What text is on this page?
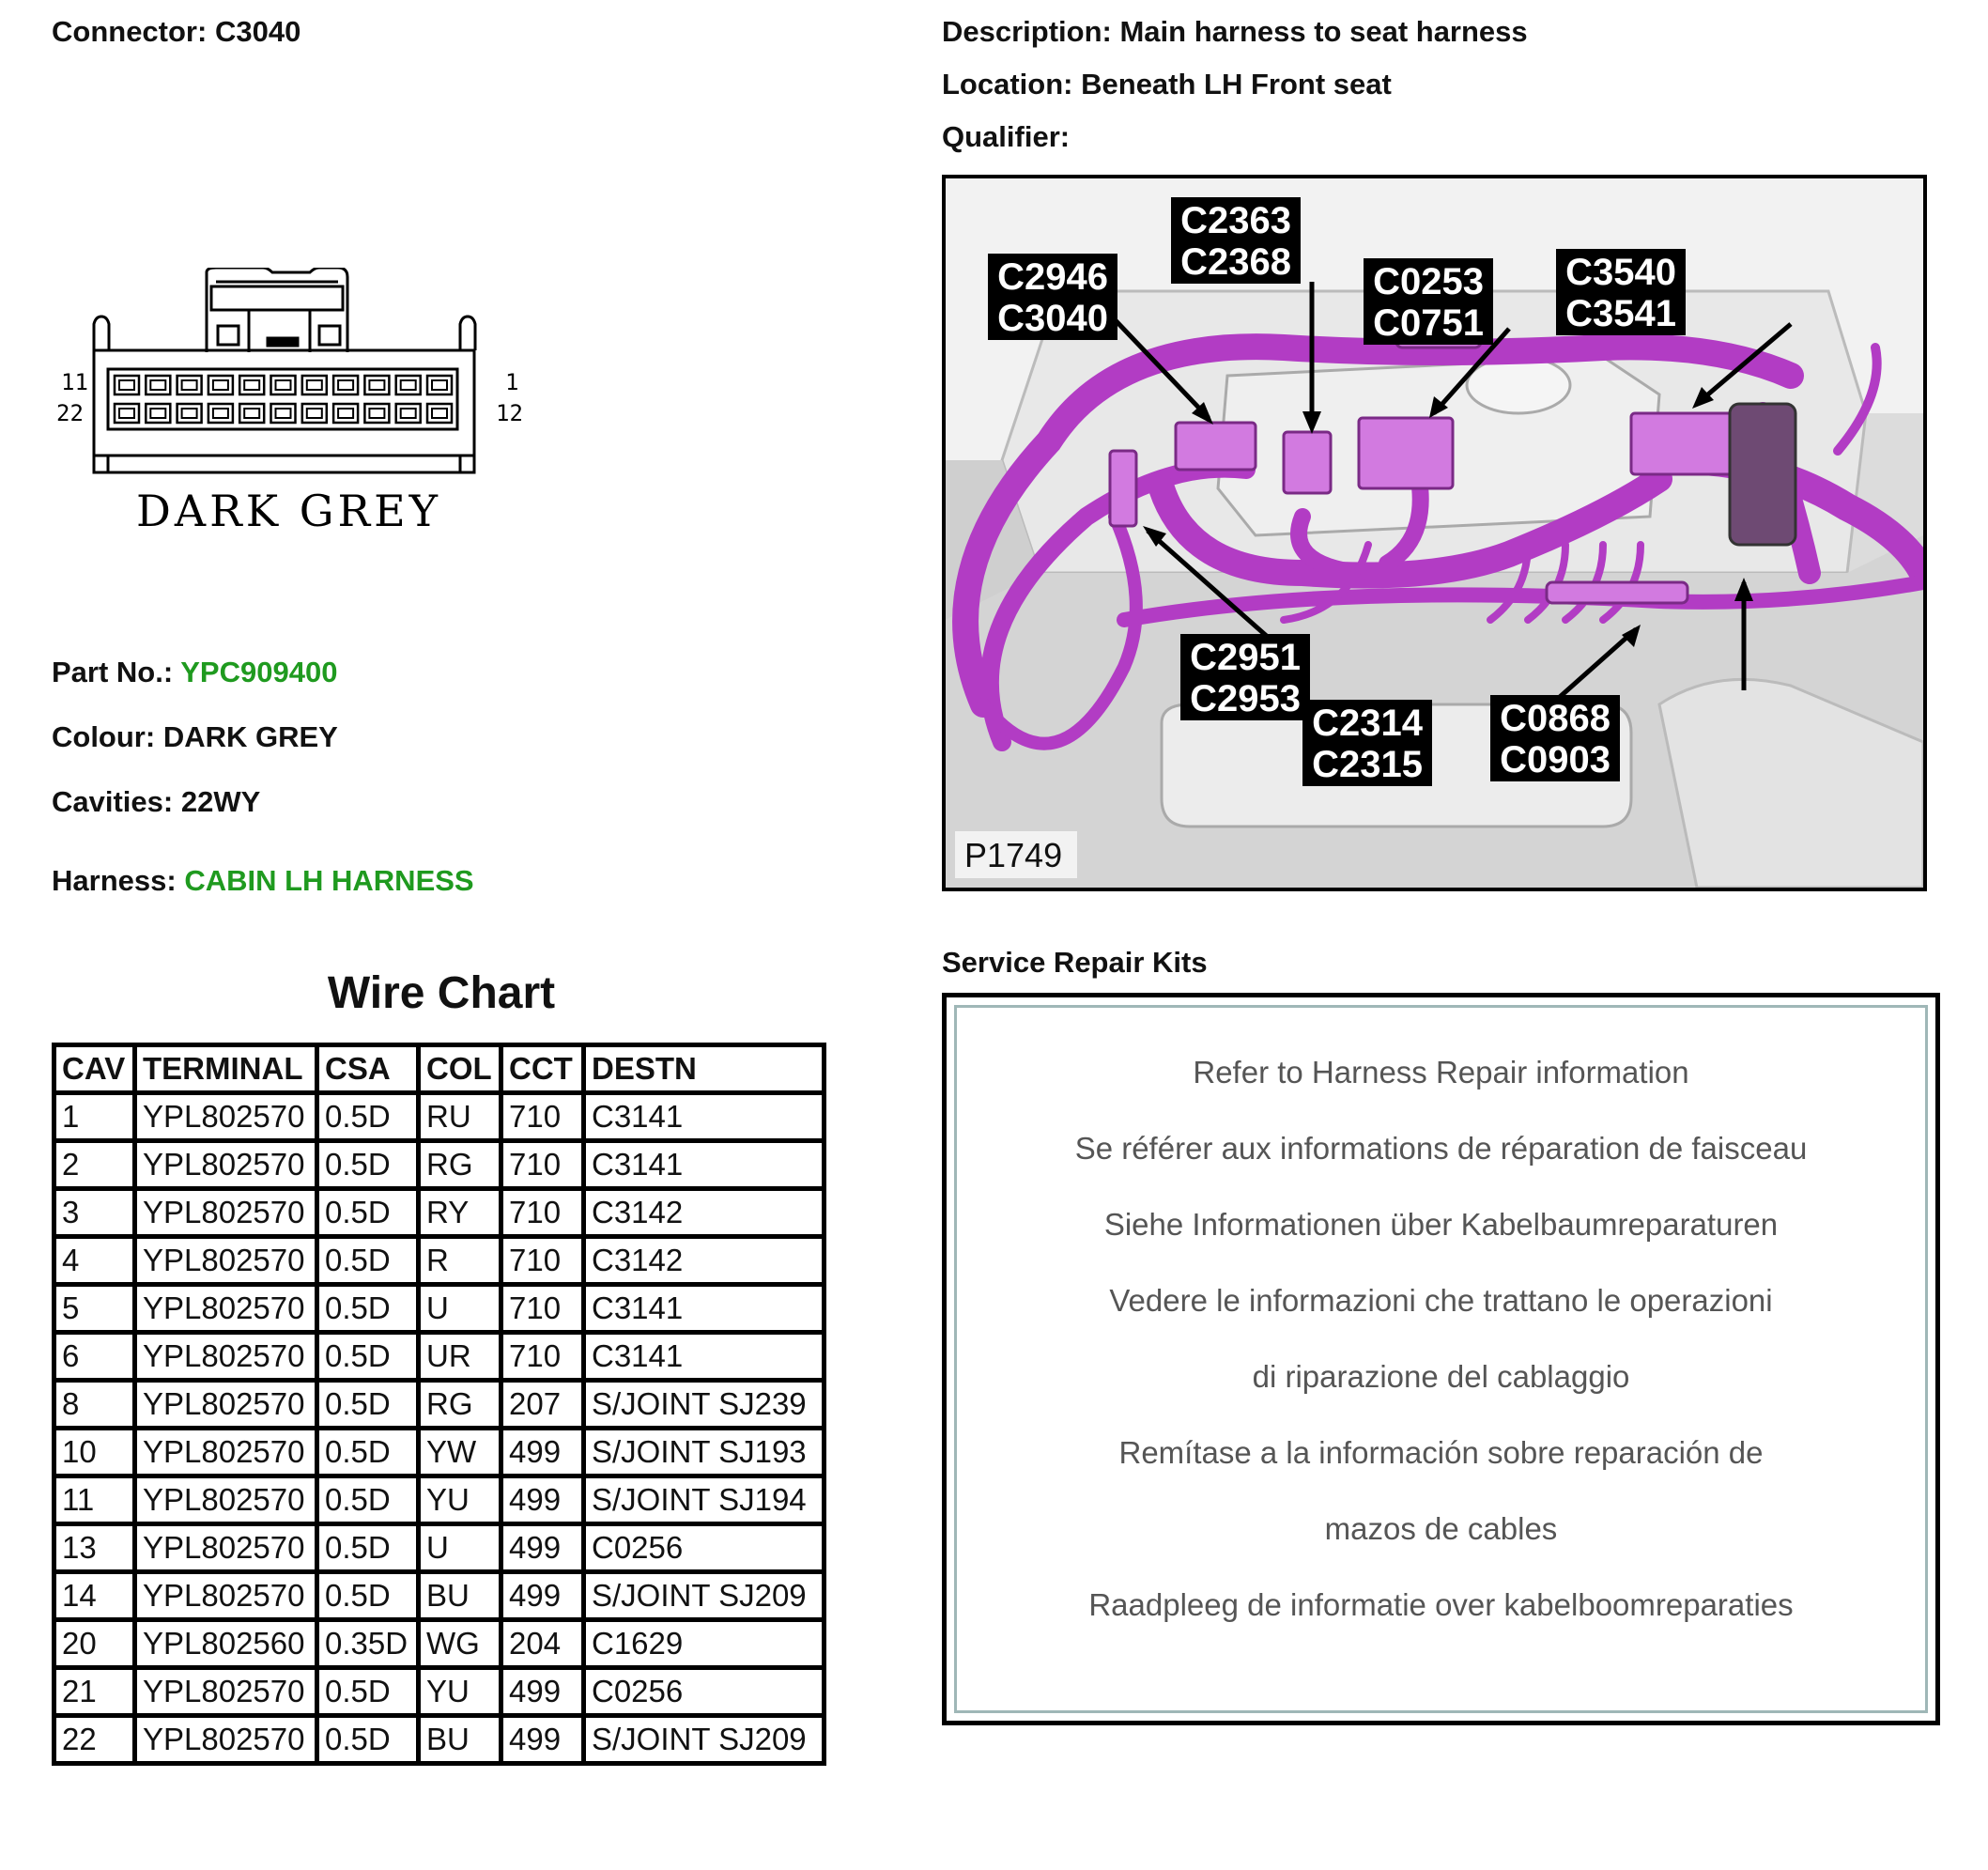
Connector: C3040
11
22
1
12
DARK GREY
Part No.: YPC909400
Colour: DARK GREY
Cavities: 22WY
Harness: CABIN LH HARNESS
Wire Chart
CAV	TERMINAL	CSA	COL	CCT	DESTN
1	YPL802570	0.5D	RU	710	C3141
2	YPL802570	0.5D	RG	710	C3141
3	YPL802570	0.5D	RY	710	C3142
4	YPL802570	0.5D	R	710	C3142
5	YPL802570	0.5D	U	710	C3141
6	YPL802570	0.5D	UR	710	C3141
8	YPL802570	0.5D	RG	207	S/JOINT SJ239
10	YPL802570	0.5D	YW	499	S/JOINT SJ193
11	YPL802570	0.5D	YU	499	S/JOINT SJ194
13	YPL802570	0.5D	U	499	C0256
14	YPL802570	0.5D	BU	499	S/JOINT SJ209
20	YPL802560	0.35D	WG	204	C1629
21	YPL802570	0.5D	YU	499	C0256
22	YPL802570	0.5D	BU	499	S/JOINT SJ209
Description: Main harness to seat harness
Location: Beneath LH Front seat
Qualifier:
C2946
C3040
C2363
C2368 C0253
C0751
C3540
C3541
C2951
C2953
C2314
C2315
C0868
C0903
P1749
Service Repair Kits
Refer to Harness Repair information
Se référer aux informations de réparation de faisceau
Siehe Informationen über Kabelbaumreparaturen
Vedere le informazioni che trattano le operazioni
di riparazione del cablaggio
Remítase a la información sobre reparación de
mazos de cables
Raadpleeg de informatie over kabelboomreparaties
